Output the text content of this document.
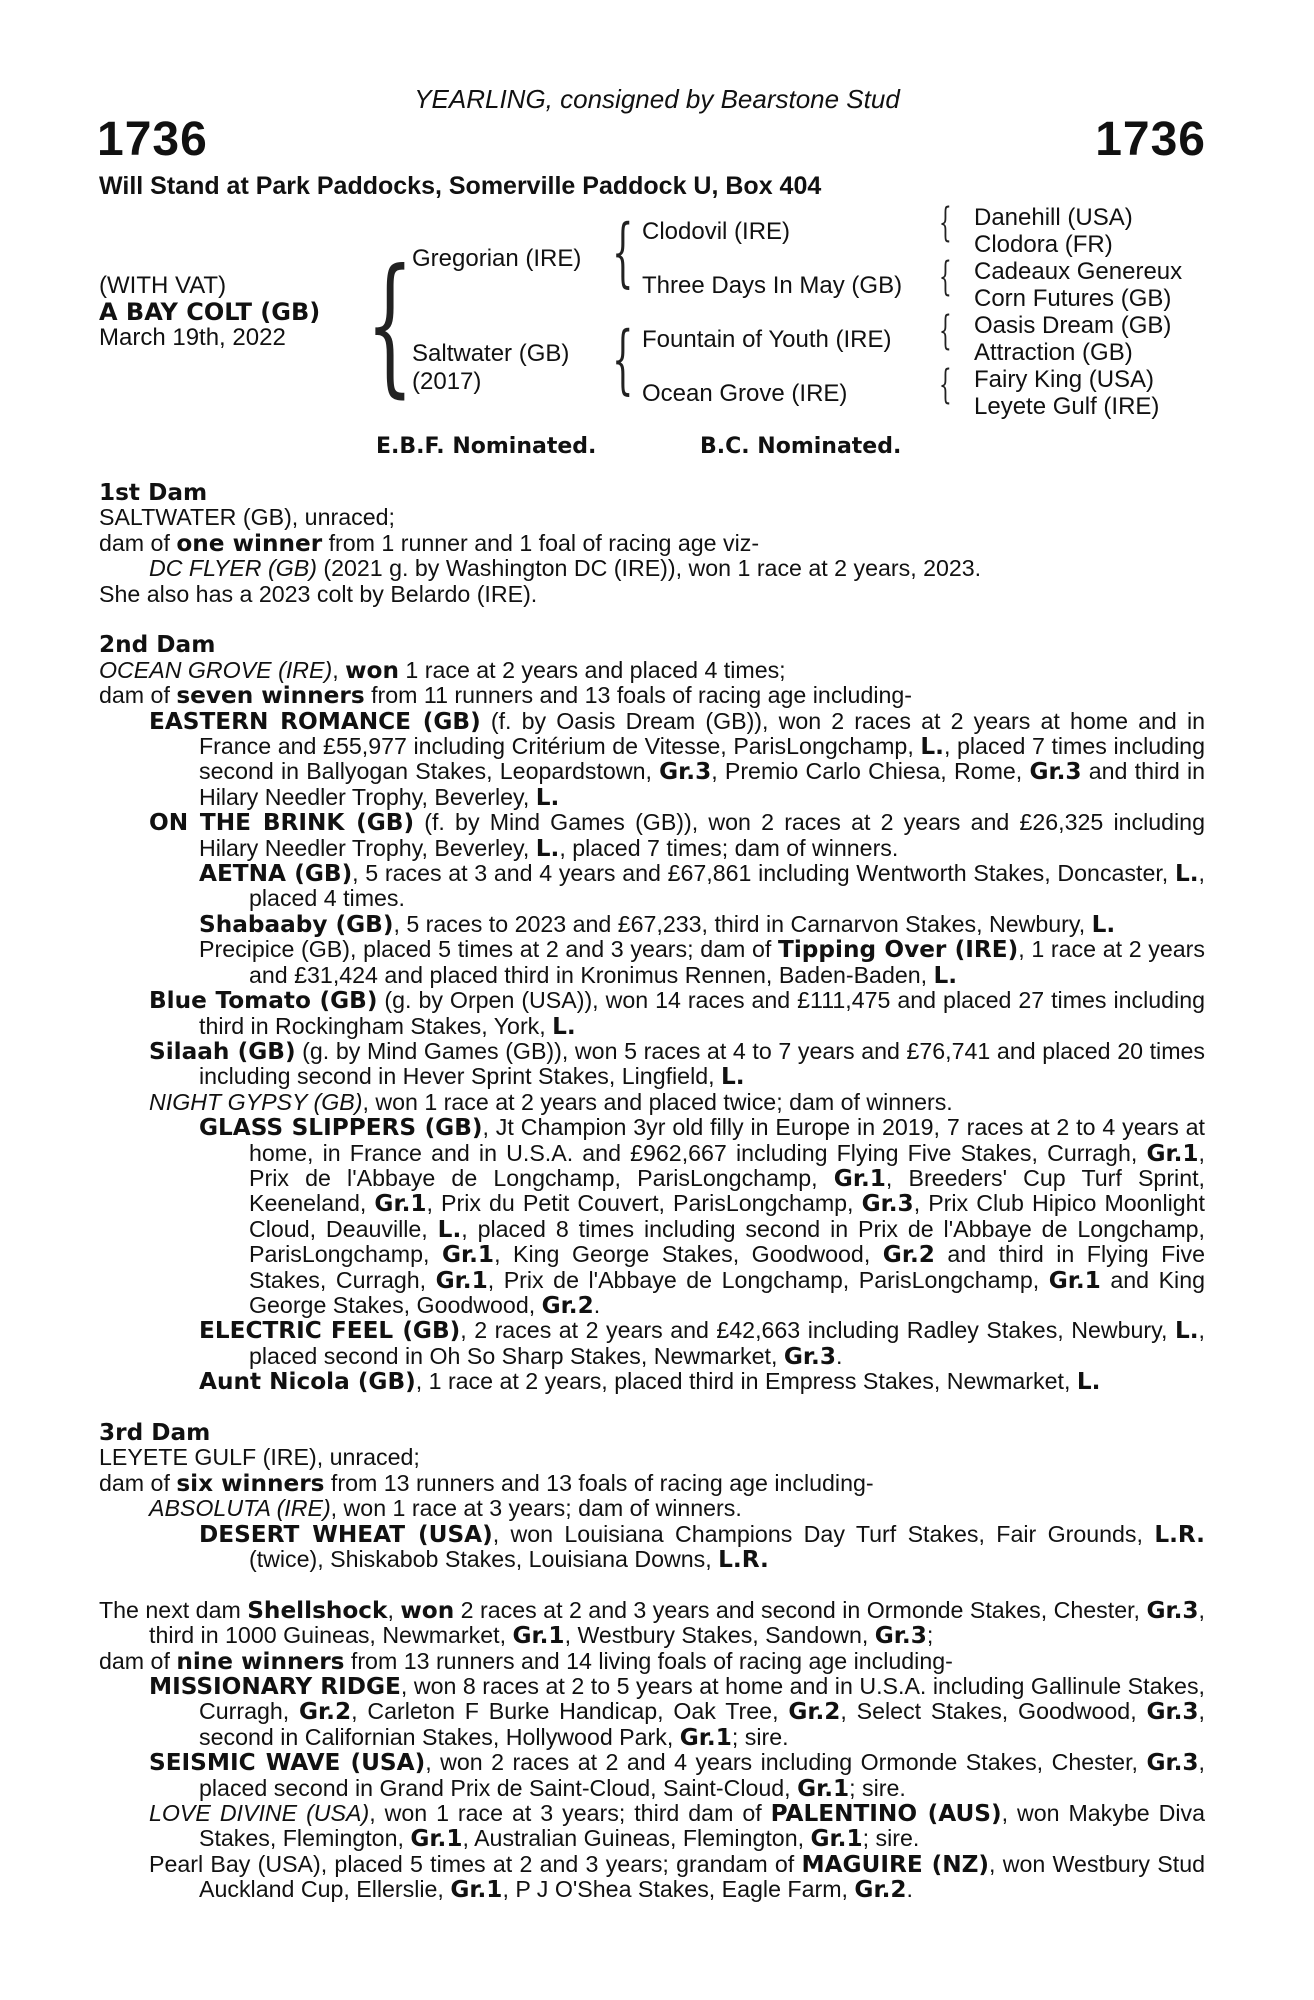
YEARLING, consigned by Bearstone Stud
1736	1736
Will Stand at Park Paddocks, Somerville Paddock U, Box 404
(WITH VAT)
A BAY COLT (GB)
March 19th, 2022 {	{
{
{
{
{
{
Gregorian (IRE)
Saltwater (GB)
(2017)
Clodovil (IRE)
Three Days In May (GB)
Fountain of Youth (IRE)
Ocean Grove (IRE)
Danehill (USA)
Clodora (FR)
Cadeaux Genereux
Corn Futures (GB)
Oasis Dream (GB)
Attraction (GB)
Fairy King (USA)
Leyete Gulf (IRE)
E.B.F. Nominated.	B.C. Nominated.
1st Dam
SALTWATER (GB), unraced;
dam of one winner from 1 runner and 1 foal of racing age viz-
DC FLYER (GB) (2021 g. by Washington DC (IRE)), won 1 race at 2 years, 2023.
She also has a 2023 colt by Belardo (IRE).
2nd Dam
OCEAN GROVE (IRE), won 1 race at 2 years and placed 4 times;
dam of seven winners from 11 runners and 13 foals of racing age including-
EASTERN ROMANCE (GB) (f. by Oasis Dream (GB)), won 2 races at 2 years at home and in France and £55,977 including Critérium de Vitesse, ParisLongchamp, L., placed 7 times including second in Ballyogan Stakes, Leopardstown, Gr.3, Premio Carlo Chiesa, Rome, Gr.3 and third in Hilary Needler Trophy, Beverley, L.
ON THE BRINK (GB) (f. by Mind Games (GB)), won 2 races at 2 years and £26,325 including Hilary Needler Trophy, Beverley, L., placed 7 times; dam of winners.
AETNA (GB), 5 races at 3 and 4 years and £67,861 including Wentworth Stakes, Doncaster, L., placed 4 times.
Shabaaby (GB), 5 races to 2023 and £67,233, third in Carnarvon Stakes, Newbury, L.
Precipice (GB), placed 5 times at 2 and 3 years; dam of Tipping Over (IRE), 1 race at 2 years and £31,424 and placed third in Kronimus Rennen, Baden-Baden, L.
Blue Tomato (GB) (g. by Orpen (USA)), won 14 races and £111,475 and placed 27 times including third in Rockingham Stakes, York, L.
Silaah (GB) (g. by Mind Games (GB)), won 5 races at 4 to 7 years and £76,741 and placed 20 times including second in Hever Sprint Stakes, Lingfield, L.
NIGHT GYPSY (GB), won 1 race at 2 years and placed twice; dam of winners.
GLASS SLIPPERS (GB), Jt Champion 3yr old filly in Europe in 2019, 7 races at 2 to 4 years at home, in France and in U.S.A. and £962,667 including Flying Five Stakes, Curragh, Gr.1, Prix de l'Abbaye de Longchamp, ParisLongchamp, Gr.1, Breeders' Cup Turf Sprint, Keeneland, Gr.1, Prix du Petit Couvert, ParisLongchamp, Gr.3, Prix Club Hipico Moonlight Cloud, Deauville, L., placed 8 times including second in Prix de l'Abbaye de Longchamp, ParisLongchamp, Gr.1, King George Stakes, Goodwood, Gr.2 and third in Flying Five Stakes, Curragh, Gr.1, Prix de l'Abbaye de Longchamp, ParisLongchamp, Gr.1 and King George Stakes, Goodwood, Gr.2.
ELECTRIC FEEL (GB), 2 races at 2 years and £42,663 including Radley Stakes, Newbury, L., placed second in Oh So Sharp Stakes, Newmarket, Gr.3.
Aunt Nicola (GB), 1 race at 2 years, placed third in Empress Stakes, Newmarket, L.
3rd Dam
LEYETE GULF (IRE), unraced;
dam of six winners from 13 runners and 13 foals of racing age including-
ABSOLUTA (IRE), won 1 race at 3 years; dam of winners.
DESERT WHEAT (USA), won Louisiana Champions Day Turf Stakes, Fair Grounds, L.R. (twice), Shiskabob Stakes, Louisiana Downs, L.R.
The next dam Shellshock, won 2 races at 2 and 3 years and second in Ormonde Stakes, Chester, Gr.3, third in 1000 Guineas, Newmarket, Gr.1, Westbury Stakes, Sandown, Gr.3;
dam of nine winners from 13 runners and 14 living foals of racing age including-
MISSIONARY RIDGE, won 8 races at 2 to 5 years at home and in U.S.A. including Gallinule Stakes, Curragh, Gr.2, Carleton F Burke Handicap, Oak Tree, Gr.2, Select Stakes, Goodwood, Gr.3, second in Californian Stakes, Hollywood Park, Gr.1; sire.
SEISMIC WAVE (USA), won 2 races at 2 and 4 years including Ormonde Stakes, Chester, Gr.3, placed second in Grand Prix de Saint-Cloud, Saint-Cloud, Gr.1; sire.
LOVE DIVINE (USA), won 1 race at 3 years; third dam of PALENTINO (AUS), won Makybe Diva Stakes, Flemington, Gr.1, Australian Guineas, Flemington, Gr.1; sire.
Pearl Bay (USA), placed 5 times at 2 and 3 years; grandam of MAGUIRE (NZ), won Westbury Stud Auckland Cup, Ellerslie, Gr.1, P J O'Shea Stakes, Eagle Farm, Gr.2.
